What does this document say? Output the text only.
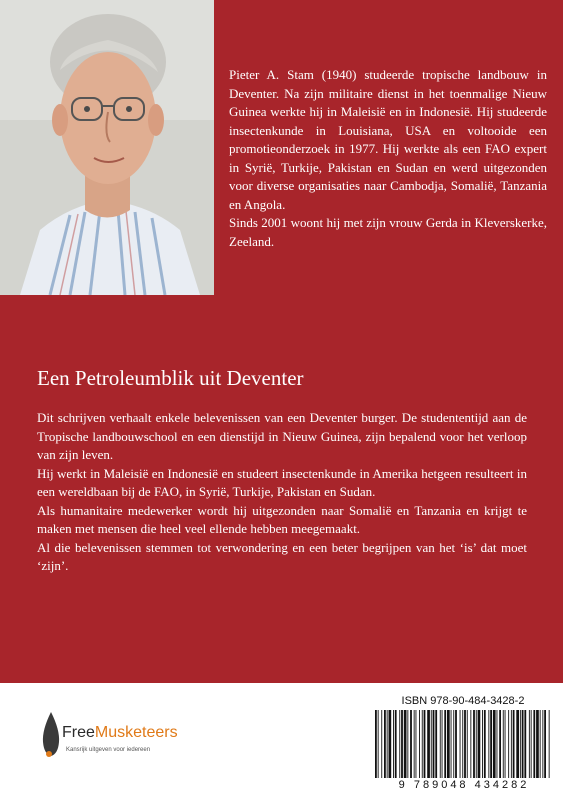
Pieter A. Stam (1940) studeerde tropische landbouw in Deventer. Na zijn militaire dienst in het toenmalige Nieuw Guinea werkte hij in Maleisië en in Indonesië. Hij studeerde insectenkunde in Louisiana, USA en voltooide een promotieonderzoek in 1977. Hij werkte als een FAO expert in Syrië, Turkije, Pakistan en Sudan en werd uitgezonden voor diverse organisaties naar Cambodja, Somalië, Tanzania en Angola.

Sinds 2001 woont hij met zijn vrouw Gerda in Kleverskerke, Zeeland.

Een Petroleumblik uit Deventer

Dit schrijven verhaalt enkele belevenissen van een Deventer burger. De studententijd aan de Tropische landbouwschool en een dienstijd in Nieuw Guinea, zijn bepalend voor het verloop van zijn leven.

Hij werkt in Maleisië en Indonesië en studeert insectenkunde in Amerika hetgeen resulteert in een wereldbaan bij de FAO, in Syrië, Turkije, Pakistan en Sudan.

Als humanitaire medewerker wordt hij uitgezonden naar Somalië en Tanzania en krijgt te maken met mensen die heel veel ellende hebben meegemaakt.

Al die belevenissen stemmen tot verwondering en een beter begrijpen van het ‘is’ dat moet ‘zijn’.

FreeMusketeers
Kansrijk uitgeven voor iedereen
ISBN 978-90-484-3428-2
9 789048 434282
